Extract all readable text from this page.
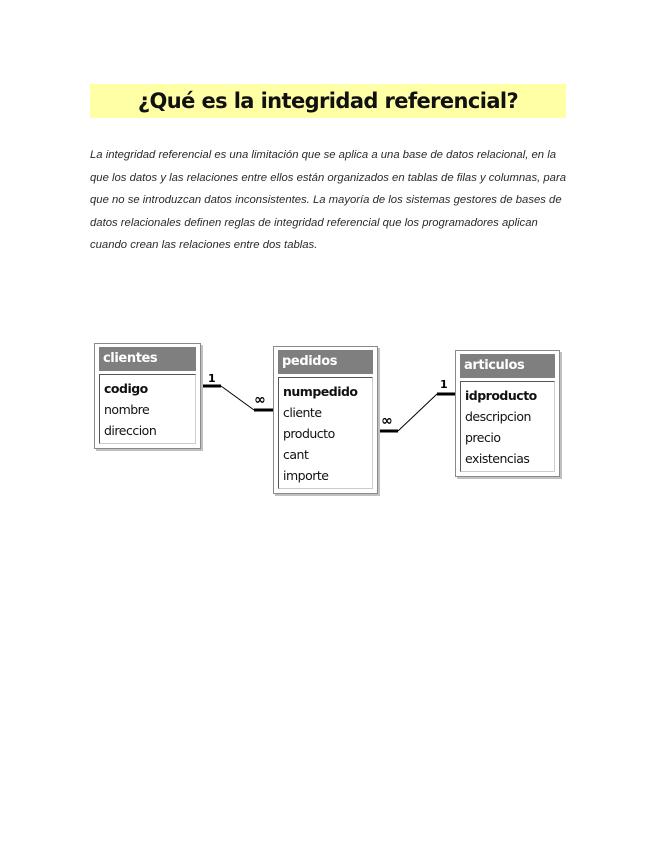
¿Qué es la integridad referencial?

La integridad referencial es una limitación que se aplica a una base de datos relacional, en la que los datos y las relaciones entre ellos están organizados en tablas de filas y columnas, para que no se introduzcan datos inconsistentes. La mayoría de los sistemas gestores de bases de datos relacionales definen reglas de integridad referencial que los programadores aplican cuando crean las relaciones entre dos tablas.

1
∞
1
∞
clientes
codigo
nombre
direccion
pedidos
numpedido
cliente
producto
cant
importe
articulos
idproducto
descripcion
precio
existencias
